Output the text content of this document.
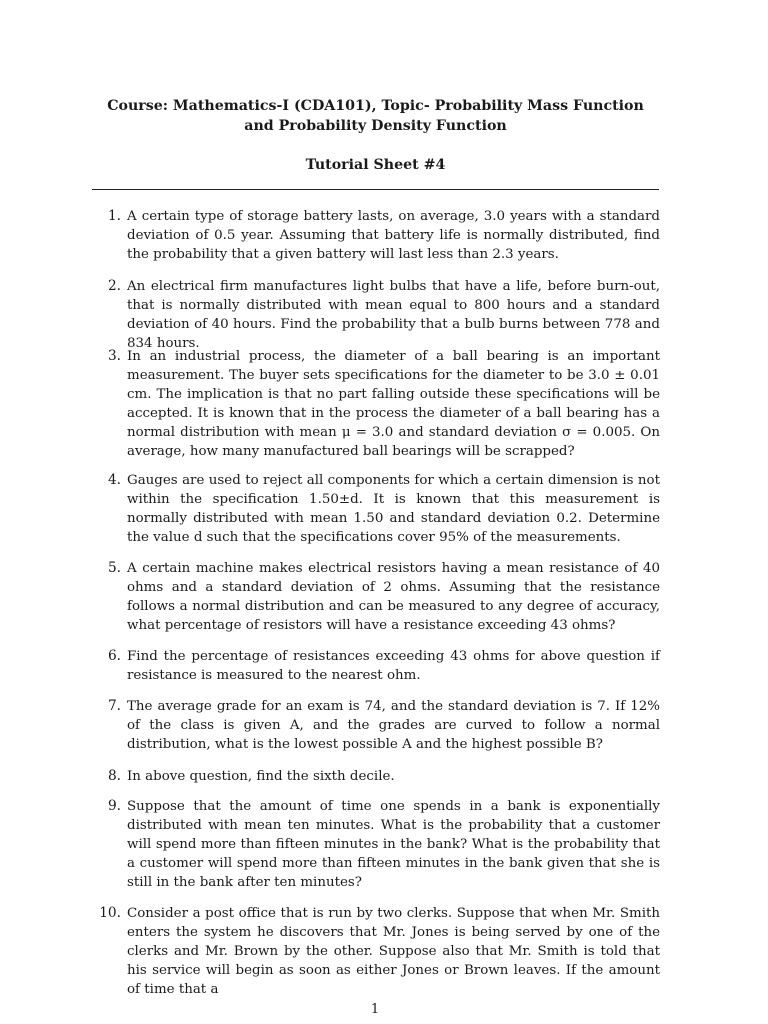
Course: Mathematics-I (CDA101), Topic- Probability Mass Function and Probability Density Function
Tutorial Sheet #4
1. A certain type of storage battery lasts, on average, 3.0 years with a standard deviation of 0.5 year. Assuming that battery life is normally distributed, find the probability that a given battery will last less than 2.3 years.
2. An electrical firm manufactures light bulbs that have a life, before burn-out, that is normally distributed with mean equal to 800 hours and a standard deviation of 40 hours. Find the probability that a bulb burns between 778 and 834 hours.
3. In an industrial process, the diameter of a ball bearing is an important measurement. The buyer sets specifications for the diameter to be 3.0 ± 0.01 cm. The implication is that no part falling outside these specifications will be accepted. It is known that in the process the diameter of a ball bearing has a normal distribution with mean μ = 3.0 and standard deviation σ = 0.005. On average, how many manufactured ball bearings will be scrapped?
4. Gauges are used to reject all components for which a certain dimension is not within the specification 1.50±d. It is known that this measurement is normally distributed with mean 1.50 and standard deviation 0.2. Determine the value d such that the specifications cover 95% of the measurements.
5. A certain machine makes electrical resistors having a mean resistance of 40 ohms and a standard deviation of 2 ohms. Assuming that the resistance follows a normal distribution and can be measured to any degree of accuracy, what percentage of resistors will have a resistance exceeding 43 ohms?
6. Find the percentage of resistances exceeding 43 ohms for above question if resistance is measured to the nearest ohm.
7. The average grade for an exam is 74, and the standard deviation is 7. If 12% of the class is given A, and the grades are curved to follow a normal distribution, what is the lowest possible A and the highest possible B?
8. In above question, find the sixth decile.
9. Suppose that the amount of time one spends in a bank is exponentially distributed with mean ten minutes. What is the probability that a customer will spend more than fifteen minutes in the bank? What is the probability that a customer will spend more than fifteen minutes in the bank given that she is still in the bank after ten minutes?
10. Consider a post office that is run by two clerks. Suppose that when Mr. Smith enters the system he discovers that Mr. Jones is being served by one of the clerks and Mr. Brown by the other. Suppose also that Mr. Smith is told that his service will begin as soon as either Jones or Brown leaves. If the amount of time that a
1
